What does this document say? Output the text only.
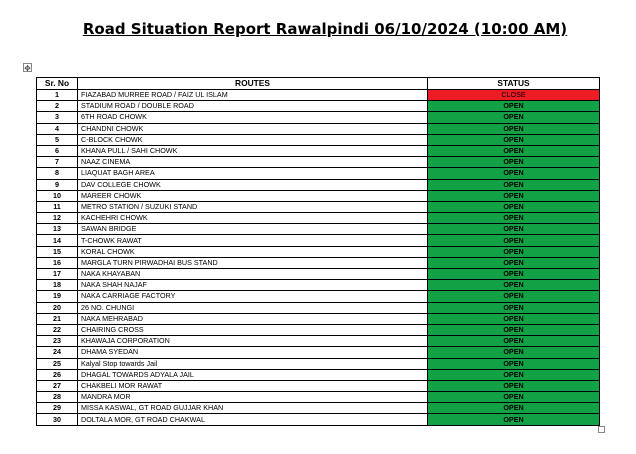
Road Situation Report Rawalpindi 06/10/2024 (10:00 AM)
✥
Sr. No	ROUTES	STATUS
1	FIAZABAD MURREE ROAD / FAIZ UL ISLAM	CLOSE
2	STADIUM ROAD / DOUBLE ROAD	OPEN
3	6TH ROAD CHOWK	OPEN
4	CHANDNI CHOWK	OPEN
5	C-BLOCK CHOWK	OPEN
6	KHANA PULL / SAHI CHOWK	OPEN
7	NAAZ CINEMA	OPEN
8	LIAQUAT BAGH AREA	OPEN
9	DAV COLLEGE CHOWK	OPEN
10	MAREER CHOWK	OPEN
11	METRO STATION / SUZUKI STAND	OPEN
12	KACHEHRI CHOWK	OPEN
13	SAWAN BRIDGE	OPEN
14	T-CHOWK RAWAT	OPEN
15	KORAL CHOWK	OPEN
16	MARGLA TURN PIRWADHAI BUS STAND	OPEN
17	NAKA KHAYABAN	OPEN
18	NAKA SHAH NAJAF	OPEN
19	NAKA CARRIAGE FACTORY	OPEN
20	26 NO. CHUNGI	OPEN
21	NAKA MEHRABAD	OPEN
22	CHAIRING CROSS	OPEN
23	KHAWAJA CORPORATION	OPEN
24	DHAMA SYEDAN	OPEN
25	Kalyal Stop towards Jail	OPEN
26	DHAGAL TOWARDS ADYALA JAIL	OPEN
27	CHAKBELI MOR RAWAT	OPEN
28	MANDRA MOR	OPEN
29	MISSA KASWAL, GT ROAD GUJJAR KHAN	OPEN
30	DOLTALA MOR, GT ROAD CHAKWAL	OPEN
